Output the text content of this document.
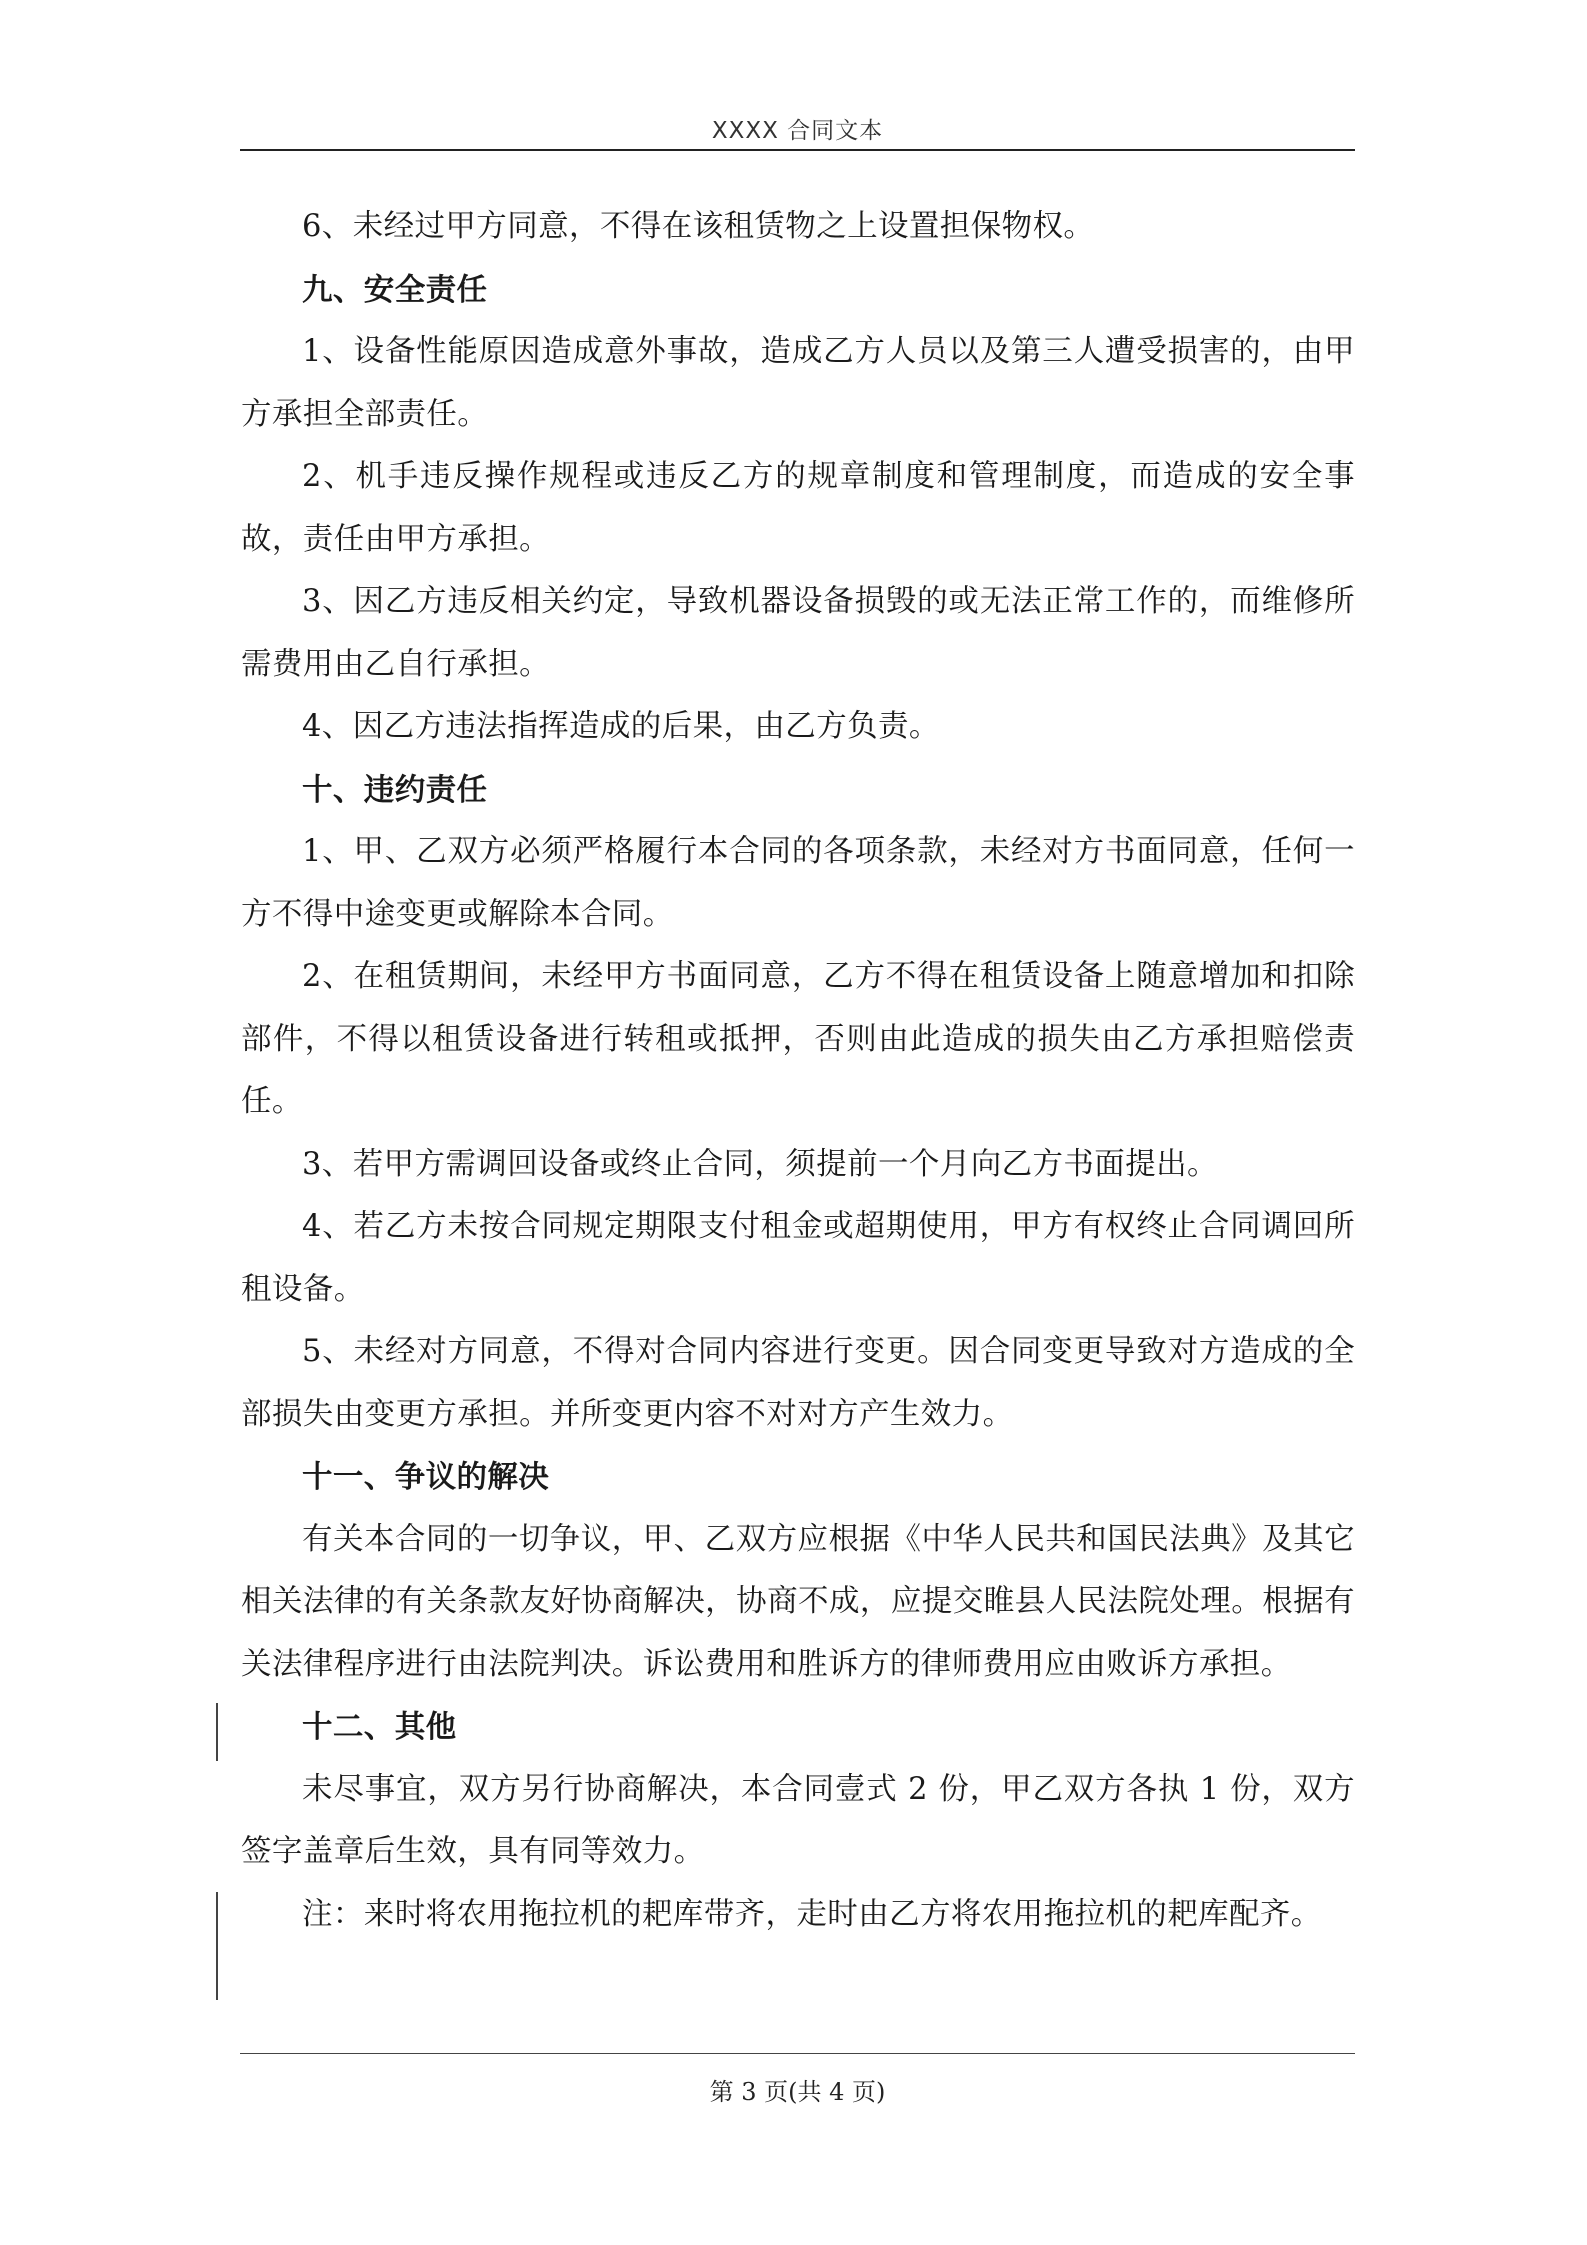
XXXX 合同文本

6、未经过甲方同意，不得在该租赁物之上设置担保物权。

九、安全责任

1、设备性能原因造成意外事故，造成乙方人员以及第三人遭受损害的，由甲方承担全部责任。

2、机手违反操作规程或违反乙方的规章制度和管理制度，而造成的安全事故，责任由甲方承担。

3、因乙方违反相关约定，导致机器设备损毁的或无法正常工作的，而维修所需费用由乙自行承担。

4、因乙方违法指挥造成的后果，由乙方负责。

十、违约责任

1、甲、乙双方必须严格履行本合同的各项条款，未经对方书面同意，任何一方不得中途变更或解除本合同。

2、在租赁期间，未经甲方书面同意，乙方不得在租赁设备上随意增加和扣除部件，不得以租赁设备进行转租或抵押，否则由此造成的损失由乙方承担赔偿责任。

3、若甲方需调回设备或终止合同，须提前一个月向乙方书面提出。

4、若乙方未按合同规定期限支付租金或超期使用，甲方有权终止合同调回所租设备。

5、未经对方同意，不得对合同内容进行变更。因合同变更导致对方造成的全部损失由变更方承担。并所变更内容不对对方产生效力。

十一、争议的解决

有关本合同的一切争议，甲、乙双方应根据《中华人民共和国民法典》及其它相关法律的有关条款友好协商解决，协商不成，应提交睢县人民法院处理。根据有关法律程序进行由法院判决。诉讼费用和胜诉方的律师费用应由败诉方承担。

十二、其他

未尽事宜，双方另行协商解决，本合同壹式 2 份，甲乙双方各执 1 份，双方签字盖章后生效，具有同等效力。

注：来时将农用拖拉机的耙库带齐，走时由乙方将农用拖拉机的耙库配齐。

第 3 页(共 4 页)
